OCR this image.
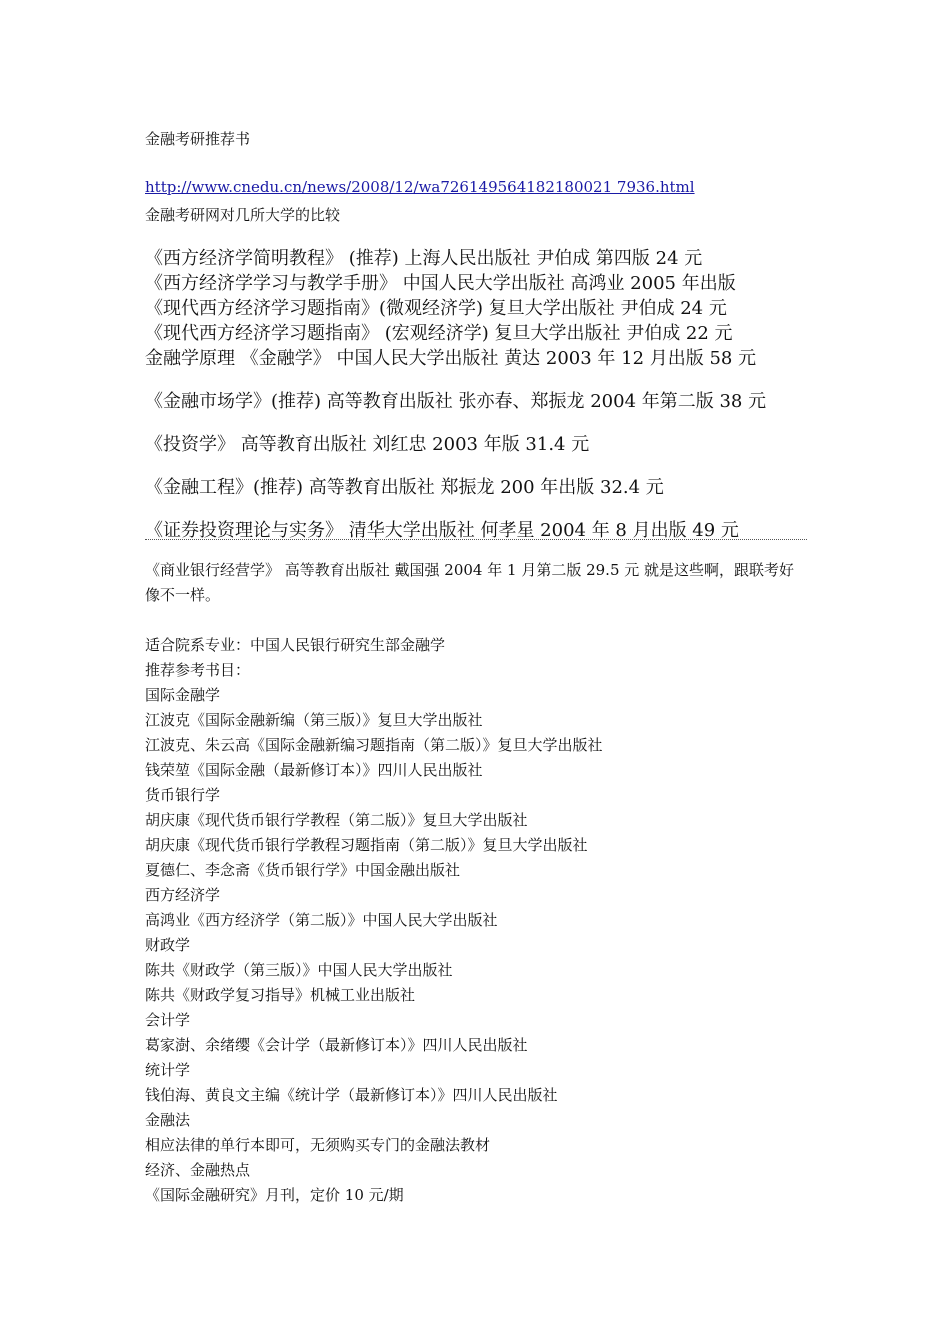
金融考研推荐书
http://www.cnedu.cn/news/2008/12/wa726149564182180021 7936.html
金融考研网对几所大学的比较
《西方经济学简明教程》 (推荐) 上海人民出版社 尹伯成 第四版 24 元
《西方经济学学习与教学手册》 中国人民大学出版社 高鸿业 2005 年出版
《现代西方经济学习题指南》(微观经济学) 复旦大学出版社 尹伯成 24 元
《现代西方经济学习题指南》 (宏观经济学) 复旦大学出版社 尹伯成 22 元
金融学原理 《金融学》 中国人民大学出版社 黄达 2003 年 12 月出版 58 元
《金融市场学》(推荐) 高等教育出版社 张亦春、郑振龙 2004 年第二版 38 元
《投资学》 高等教育出版社 刘红忠 2003 年版 31.4 元
《金融工程》(推荐) 高等教育出版社 郑振龙 200 年出版 32.4 元
《证券投资理论与实务》 清华大学出版社 何孝星 2004 年 8 月出版 49 元
《商业银行经营学》 高等教育出版社 戴国强 2004 年 1 月第二版 29.5 元 就是这些啊，跟联考好像不一样。
适合院系专业：中国人民银行研究生部金融学
推荐参考书目：
国际金融学
江波克《国际金融新编（第三版）》复旦大学出版社
江波克、朱云高《国际金融新编习题指南（第二版）》复旦大学出版社
钱荣堃《国际金融（最新修订本）》四川人民出版社
货币银行学
胡庆康《现代货币银行学教程（第二版）》复旦大学出版社
胡庆康《现代货币银行学教程习题指南（第二版）》复旦大学出版社
夏德仁、李念斋《货币银行学》中国金融出版社
西方经济学
高鸿业《西方经济学（第二版）》中国人民大学出版社
财政学
陈共《财政学（第三版）》中国人民大学出版社
陈共《财政学复习指导》机械工业出版社
会计学
葛家澍、余绪缨《会计学（最新修订本）》四川人民出版社
统计学
钱伯海、黄良文主编《统计学（最新修订本）》四川人民出版社
金融法
相应法律的单行本即可，无须购买专门的金融法教材
经济、金融热点
《国际金融研究》月刊，定价 10 元/期
